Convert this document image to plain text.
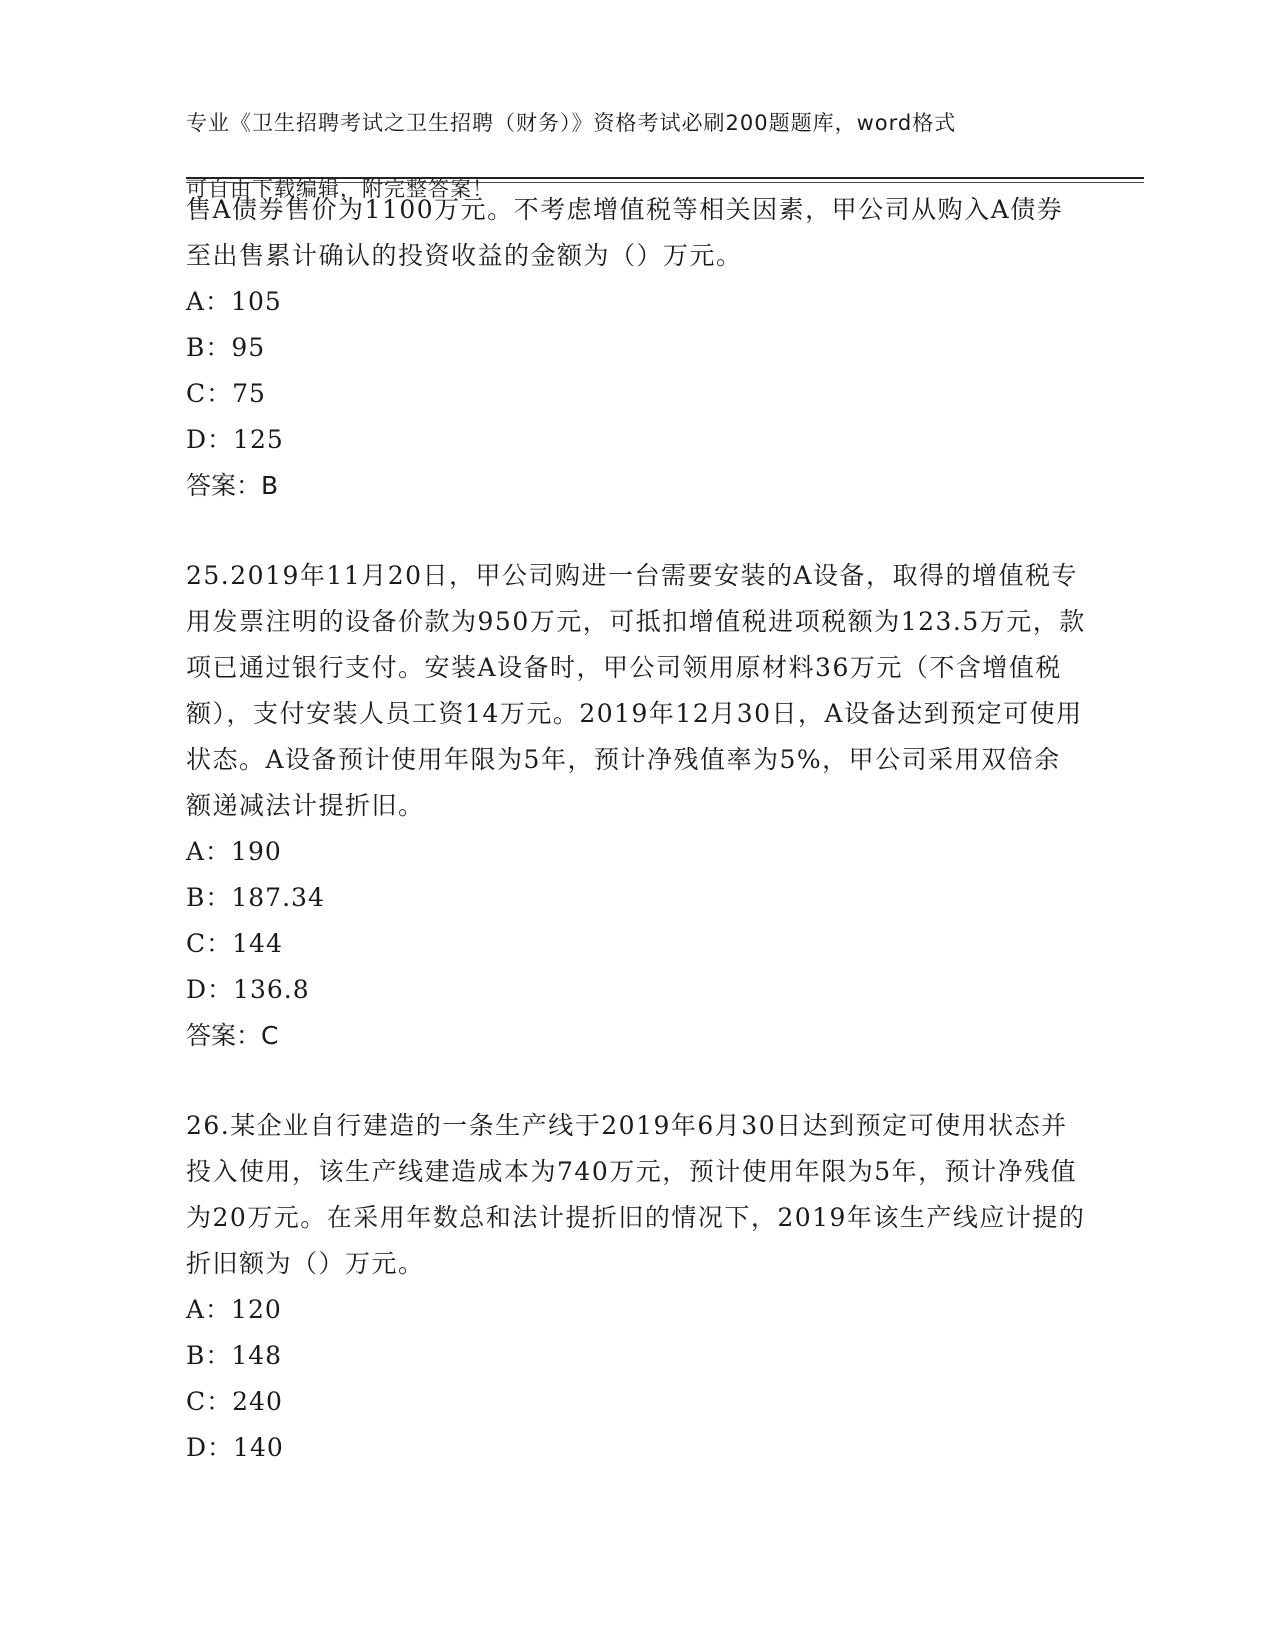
专业《卫生招聘考试之卫生招聘（财务）》资格考试必刷200题题库，word格式

可自由下载编辑，附完整答案！

售A债券售价为1100万元。不考虑增值税等相关因素，甲公司从购入A债券至出售累计确认的投资收益的金额为（）万元。

A：105

B：95

C：75

D：125

答案：B

25.2019年11月20日，甲公司购进一台需要安装的A设备，取得的增值税专用发票注明的设备价款为950万元，可抵扣增值税进项税额为123.5万元，款项已通过银行支付。安装A设备时，甲公司领用原材料36万元（不含增值税额），支付安装人员工资14万元。2019年12月30日，A设备达到预定可使用状态。A设备预计使用年限为5年，预计净残值率为5%，甲公司采用双倍余额递减法计提折旧。

A：190

B：187.34

C：144

D：136.8

答案：C

26.某企业自行建造的一条生产线于2019年6月30日达到预定可使用状态并投入使用，该生产线建造成本为740万元，预计使用年限为5年，预计净残值为20万元。在采用年数总和法计提折旧的情况下，2019年该生产线应计提的折旧额为（）万元。

A：120

B：148

C：240

D：140
